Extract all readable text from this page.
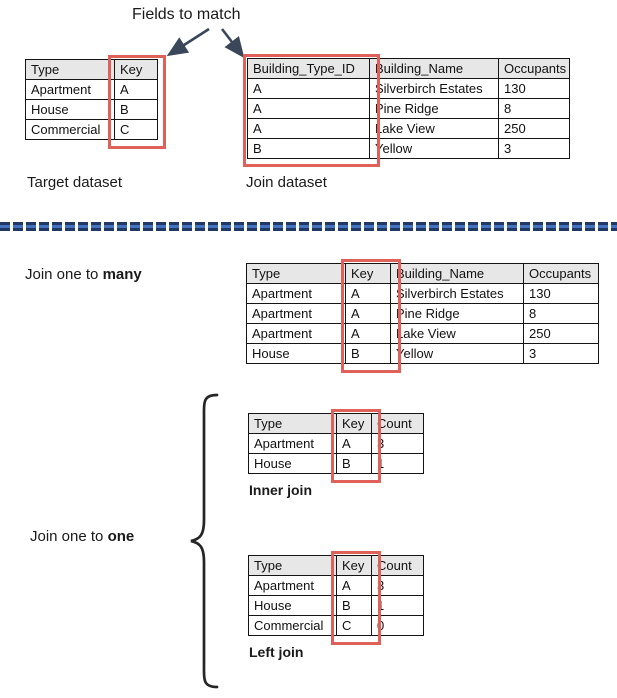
Fields to match
Type	Key
Apartment	A
House	B
Commercial	C
Building_Type_ID	Building_Name	Occupants
A	Silverbirch Estates	130
A	Pine Ridge	8
A	Lake View	250
B	Yellow	3
Target dataset	Join dataset
Join one to many	Type	Key	Building_Name	Occupants
Apartment	A	Silverbirch Estates	130
Apartment	A	Pine Ridge	8
Apartment	A	Lake View	250
House	B	Yellow	3
Join one to one
Type	Key	Count
Apartment	A	3
House	B	1
Inner join
Type	Key	Count
Apartment	A	3
House	B	1
Commercial	C	0
Left join
